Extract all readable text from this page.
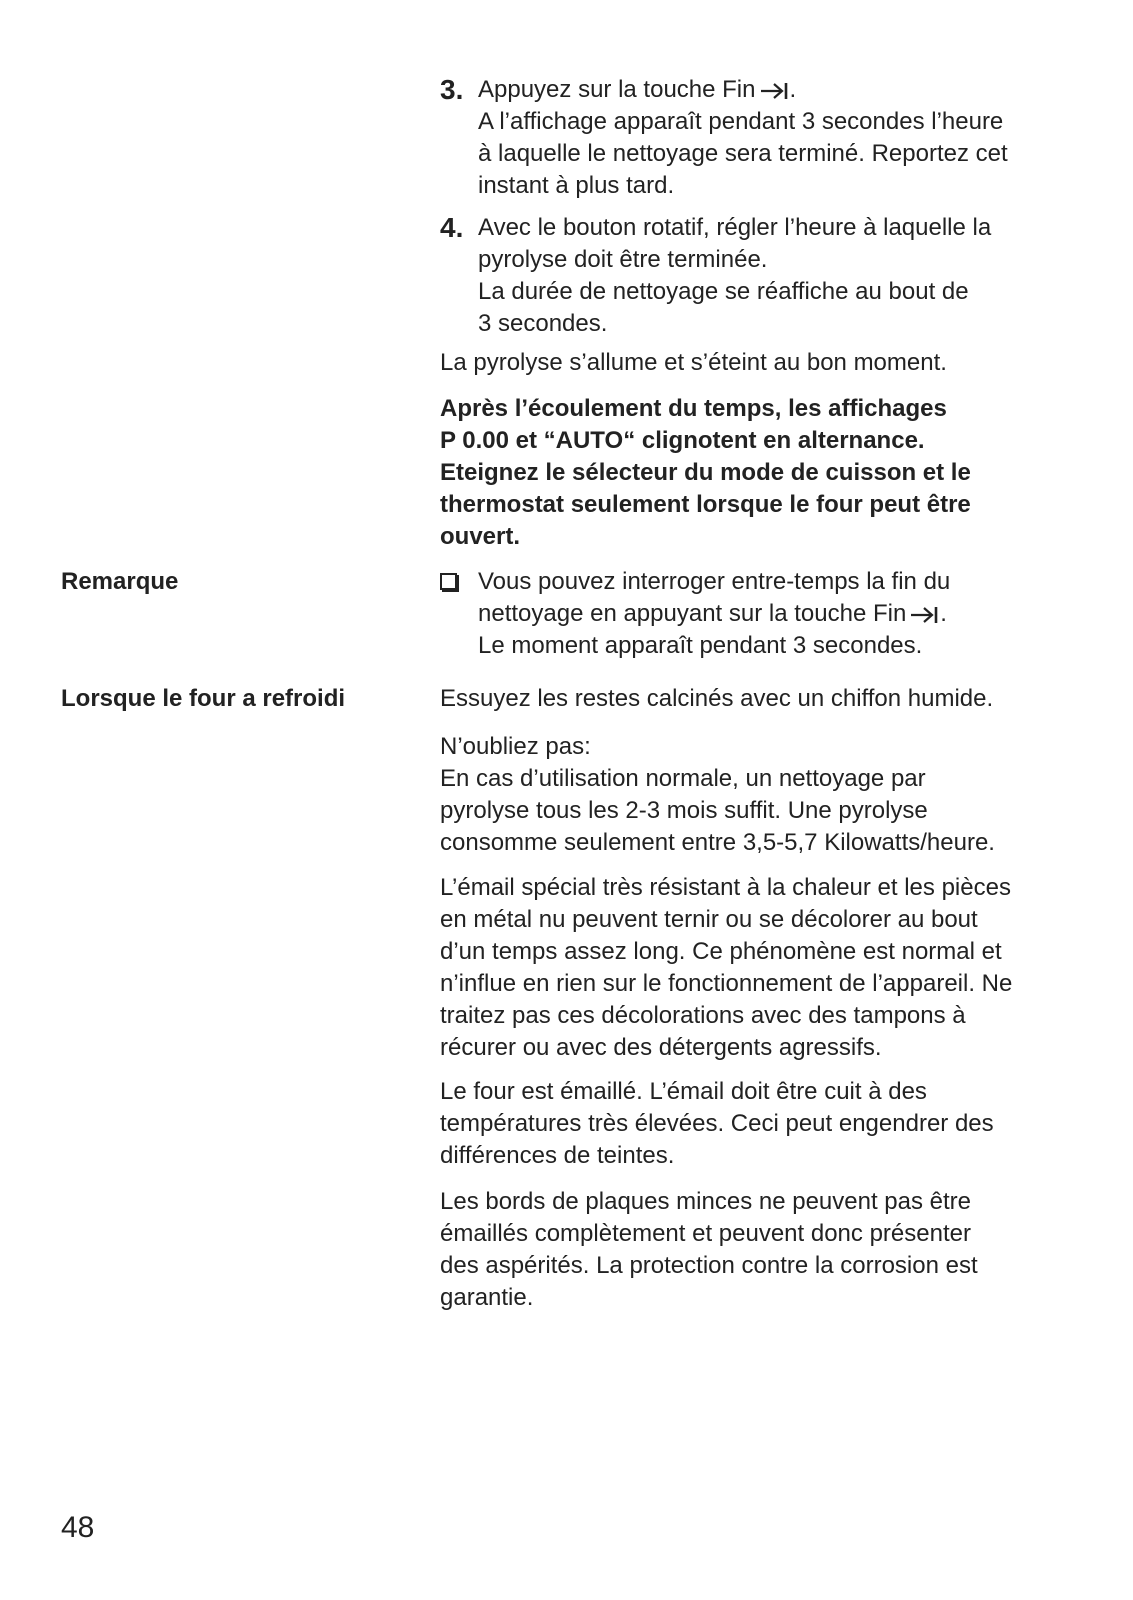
3. Appuyez sur la touche Fin .
A l’affichage apparaît pendant 3 secondes l’heure
à laquelle le nettoyage sera terminé. Reportez cet
instant à plus tard.
4. Avec le bouton rotatif, régler l’heure à laquelle la
pyrolyse doit être terminée.
La durée de nettoyage se réaffiche au bout de
3 secondes.
La pyrolyse s’allume et s’éteint au bon moment.
Après l’écoulement du temps, les affichages
P 0.00 et “AUTO“ clignotent en alternance.
Eteignez le sélecteur du mode de cuisson et le
thermostat seulement lorsque le four peut être
ouvert.
Remarque	Vous pouvez interroger entre-temps la fin du
nettoyage en appuyant sur la touche Fin .
Le moment apparaît pendant 3 secondes.
Lorsque le four a refroidi	Essuyez les restes calcinés avec un chiffon humide.
N’oubliez pas:
En cas d’utilisation normale, un nettoyage par
pyrolyse tous les 2-3 mois suffit. Une pyrolyse
consomme seulement entre 3,5-5,7 Kilowatts/heure.
L’émail spécial très résistant à la chaleur et les pièces
en métal nu peuvent ternir ou se décolorer au bout
d’un temps assez long. Ce phénomène est normal et
n’influe en rien sur le fonctionnement de l’appareil. Ne
traitez pas ces décolorations avec des tampons à
récurer ou avec des détergents agressifs.
Le four est émaillé. L’émail doit être cuit à des
températures très élevées. Ceci peut engendrer des
différences de teintes.
Les bords de plaques minces ne peuvent pas être
émaillés complètement et peuvent donc présenter
des aspérités. La protection contre la corrosion est
garantie.
48
